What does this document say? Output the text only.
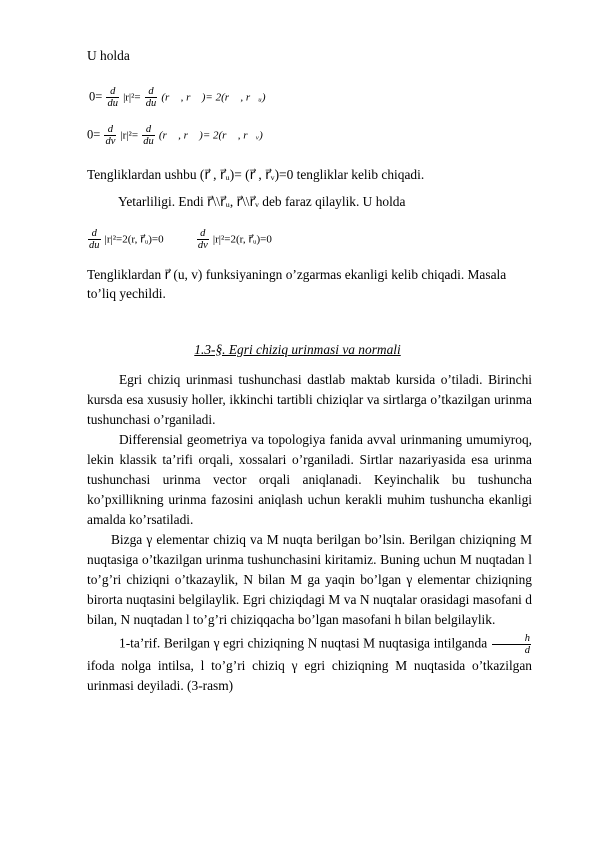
U holda
$0= \frac{d}{du} |r|^2= \frac{d}{du}$ (r⃗ , r⃗ )= 2(r⃗ , r⃗ᵤ)
$0= \frac{d}{dv} |r|^2= \frac{d}{du}$ (r⃗ , r⃗ )= 2(r⃗ , r⃗ᵥ)
Tengliklardan ushbu (r⃗ , r⃗ᵤ)= (r⃗ , r⃗ᵥ)=0 tengliklar kelib chiqadi.
Yetarliligi. Endi r⃗\\r⃗ᵤ, r⃗\\r⃗ᵥ deb faraz qilaylik. U holda
$\frac{d}{du} |r|^2=2(r$, r⃗ᵤ)=0	$\frac{d}{dv} |r|^2=2(r$, r⃗ᵤ)=0
Tengliklardan r⃗ (u, v) funksiyaningn o’zgarmas ekanligi kelib chiqadi. Masala
to’liq yechildi.
1.3-§. Egri chiziq urinmasi va normali

Egri chiziq urinmasi tushunchasi dastlab maktab kursida o’tiladi. Birinchi kursda esa xususiy holler, ikkinchi tartibli chiziqlar va sirtlarga o’tkazilgan urinma tushunchasi o’rganiladi.

Differensial geometriya va topologiya fanida avval urinmaning umumiyroq, lekin klassik ta’rifi orqali, xossalari o’rganiladi. Sirtlar nazariyasida esa urinma tushunchasi urinma vector orqali aniqlanadi. Keyinchalik bu tushuncha ko’pxillikning urinma fazosini aniqlash uchun kerakli muhim tushuncha ekanligi amalda ko’rsatiladi.

Bizga γ elementar chiziq va M nuqta berilgan bo’lsin. Berilgan chiziqning M nuqtasiga o’tkazilgan urinma tushunchasini kiritamiz. Buning uchun M nuqtadan l to’g’ri chiziqni o’tkazaylik, N bilan M ga yaqin bo’lgan γ elementar chiziqning birorta nuqtasini belgilaylik. Egri chiziqdagi M va N nuqtalar orasidagi masofani d bilan, N nuqtadan l to’g’ri chiziqqacha bo’lgan masofani h bilan belgilaylik.

1-ta’rif. Berilgan γ egri chiziqning N nuqtasi M nuqtasiga intilganda $\frac{h}{d}$
ifoda nolga intilsa, l to’g’ri chiziq γ egri chiziqning M nuqtasida o’tkazilgan urinmasi deyiladi. (3-rasm)
